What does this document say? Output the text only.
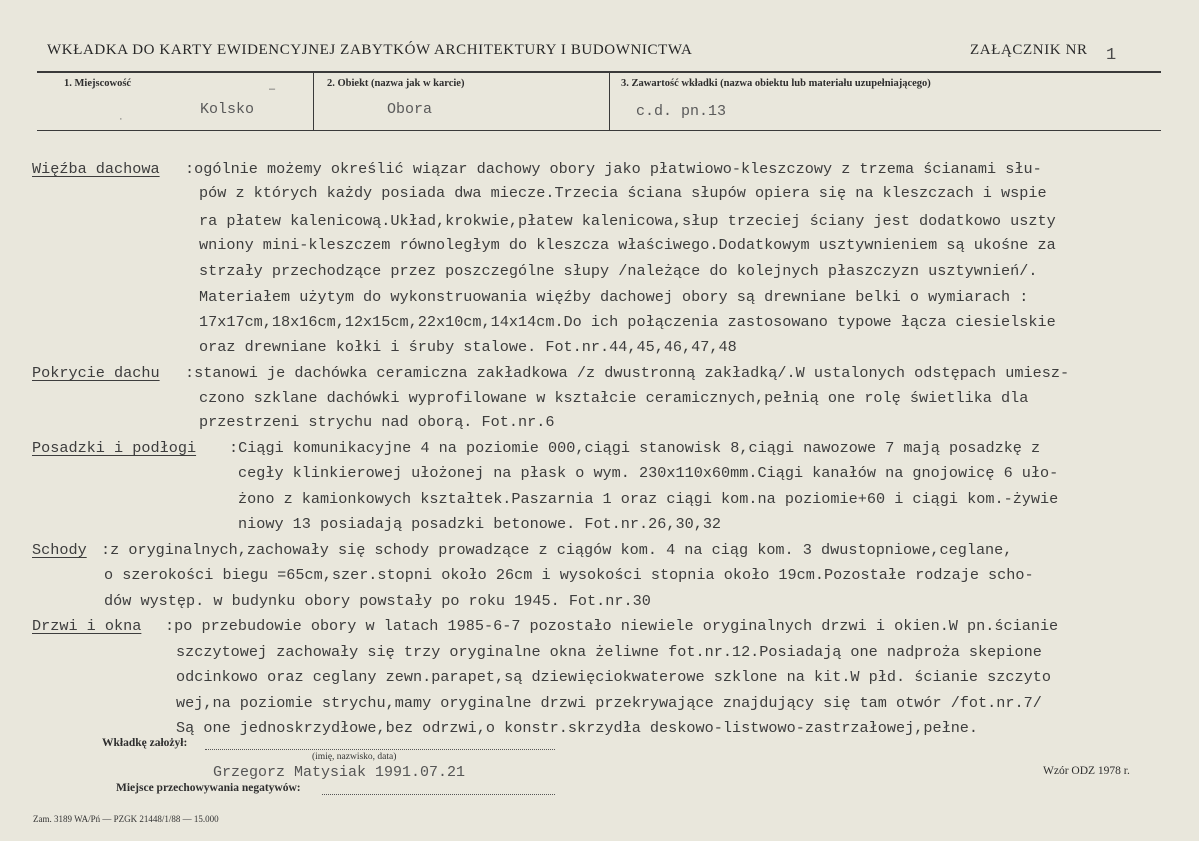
WKŁADKA DO KARTY EWIDENCYJNEJ ZABYTKÓW ARCHITEKTURY I BUDOWNICTWA	ZAŁĄCZNIK NR 1
1. Miejscowość
Kolsko
2. Obiekt (nazwa jak w karcie)
Obora
3. Zawartość wkładki (nazwa obiektu lub materiału uzupełniającego)
c.d. pn.13
Więźba dachowa :ogólnie możemy określić wiązar dachowy obory jako płatwiowo-kleszczowy z trzema ścianami słu-
pów z których każdy posiada dwa miecze.Trzecia ściana słupów opiera się na kleszczach i wspie
ra płatew kalenicową.Układ,krokwie,płatew kalenicowa,słup trzeciej ściany jest dodatkowo uszty
wniony mini-kleszczem równoległym do kleszcza właściwego.Dodatkowym usztywnieniem są ukośne za
strzały przechodzące przez poszczególne słupy /należące do kolejnych płaszczyzn usztywnień/.
Materiałem użytym do wykonstruowania więźby dachowej obory są drewniane belki o wymiarach :
17x17cm,18x16cm,12x15cm,22x10cm,14x14cm.Do ich połączenia zastosowano typowe łącza ciesielskie
oraz drewniane kołki i śruby stalowe. Fot.nr.44,45,46,47,48
Pokrycie dachu :stanowi je dachówka ceramiczna zakładkowa /z dwustronną zakładką/.W ustalonych odstępach umiesz-
czono szklane dachówki wyprofilowane w kształcie ceramicznych,pełnią one rolę świetlika dla
przestrzeni strychu nad oborą. Fot.nr.6
Posadzki i podłogi :Ciągi komunikacyjne 4 na poziomie 000,ciągi stanowisk 8,ciągi nawozowe 7 mają posadzkę z
cegły klinkierowej ułożonej na płask o wym. 230x110x60mm.Ciągi kanałów na gnojowicę 6 uło-
żono z kamionkowych kształtek.Paszarnia 1 oraz ciągi kom.na poziomie+60 i ciągi kom.-żywie
niowy 13 posiadają posadzki betonowe. Fot.nr.26,30,32
Schody :z oryginalnych,zachowały się schody prowadzące z ciągów kom. 4 na ciąg kom. 3 dwustopniowe,ceglane,
o szerokości biegu =65cm,szer.stopni około 26cm i wysokości stopnia około 19cm.Pozostałe rodzaje scho-
dów występ. w budynku obory powstały po roku 1945. Fot.nr.30
Drzwi i okna :po przebudowie obory w latach 1985-6-7 pozostało niewiele oryginalnych drzwi i okien.W pn.ścianie
szczytowej zachowały się trzy oryginalne okna żeliwne fot.nr.12.Posiadają one nadproża skepione
odcinkowo oraz ceglany zewn.parapet,są dziewięciokwaterowe szklone na kit.W płd. ścianie szczyto
wej,na poziomie strychu,mamy oryginalne drzwi przekrywające znajdujący się tam otwór /fot.nr.7/
Są one jednoskrzydłowe,bez odrzwi,o konstr.skrzydła deskowo-listwowo-zastrzałowej,pełne.
Wkładkę założył:
(imię, nazwisko, data)
Grzegorz Matysiak 1991.07.21
Miejsce przechowywania negatywów:
Wzór ODZ 1978 r.
Zam. 3189 WA/Pń — PZGK 21448/1/88 — 15.000
–
·
